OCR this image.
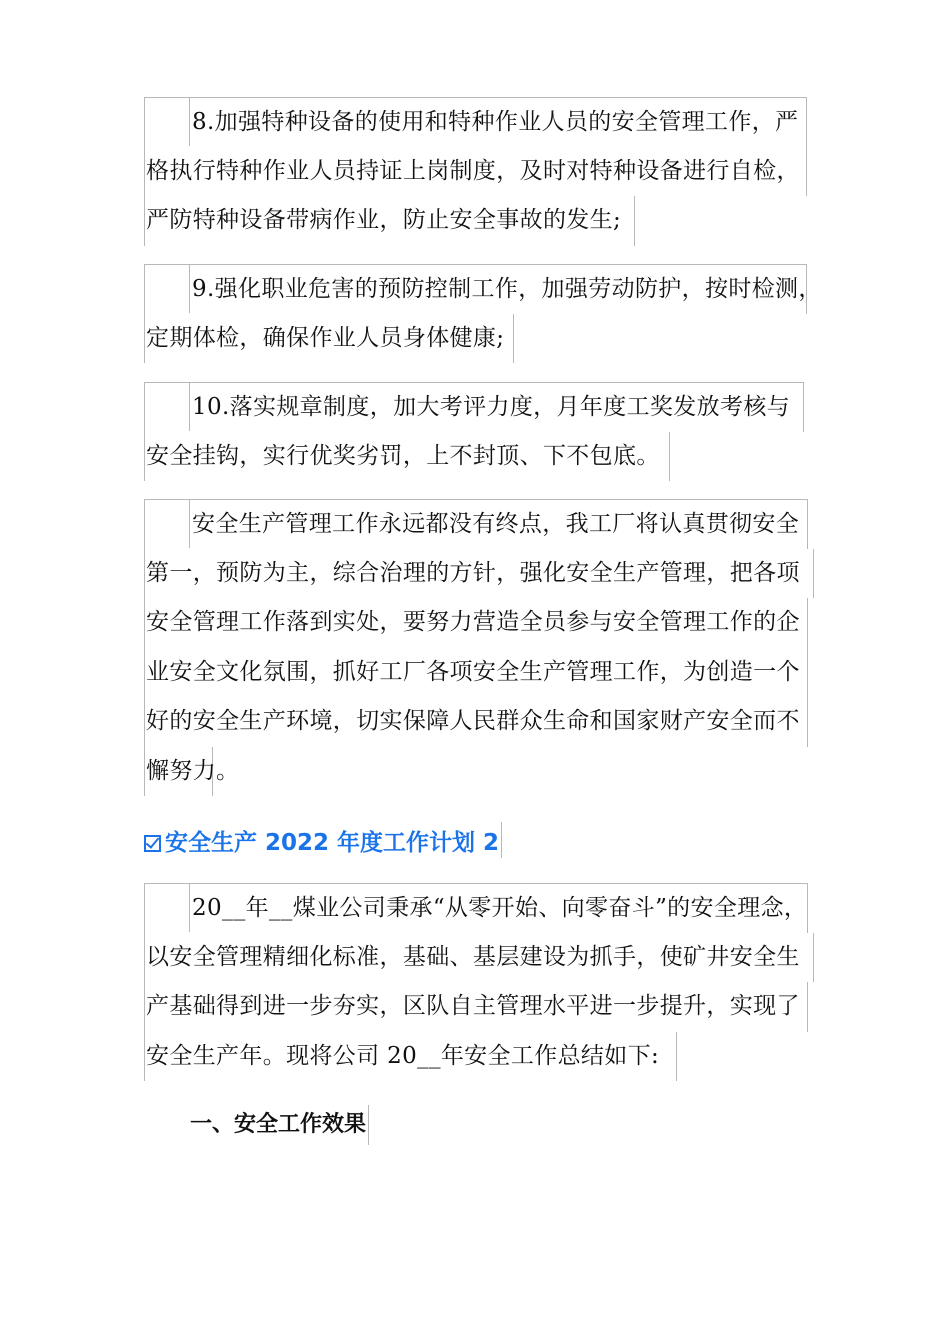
8.加强特种设备的使用和特种作业人员的安全管理工作，严
格执行特种作业人员持证上岗制度，及时对特种设备进行自检，
严防特种设备带病作业，防止安全事故的发生;
9.强化职业危害的预防控制工作，加强劳动防护，按时检测，
定期体检，确保作业人员身体健康;
10.落实规章制度，加大考评力度，月年度工奖发放考核与
安全挂钩，实行优奖劣罚，上不封顶、下不包底。
安全生产管理工作永远都没有终点，我工厂将认真贯彻安全
第一，预防为主，综合治理的方针，强化安全生产管理，把各项
安全管理工作落到实处，要努力营造全员参与安全管理工作的企
业安全文化氛围，抓好工厂各项安全生产管理工作，为创造一个
好的安全生产环境，切实保障人民群众生命和国家财产安全而不
懈努力。
安全生产 2022 年度工作计划 2
20__年__煤业公司秉承“从零开始、向零奋斗”的安全理念，
以安全管理精细化标准，基础、基层建设为抓手，使矿井安全生
产基础得到进一步夯实，区队自主管理水平进一步提升，实现了
安全生产年。现将公司 20__年安全工作总结如下:
一、安全工作效果
